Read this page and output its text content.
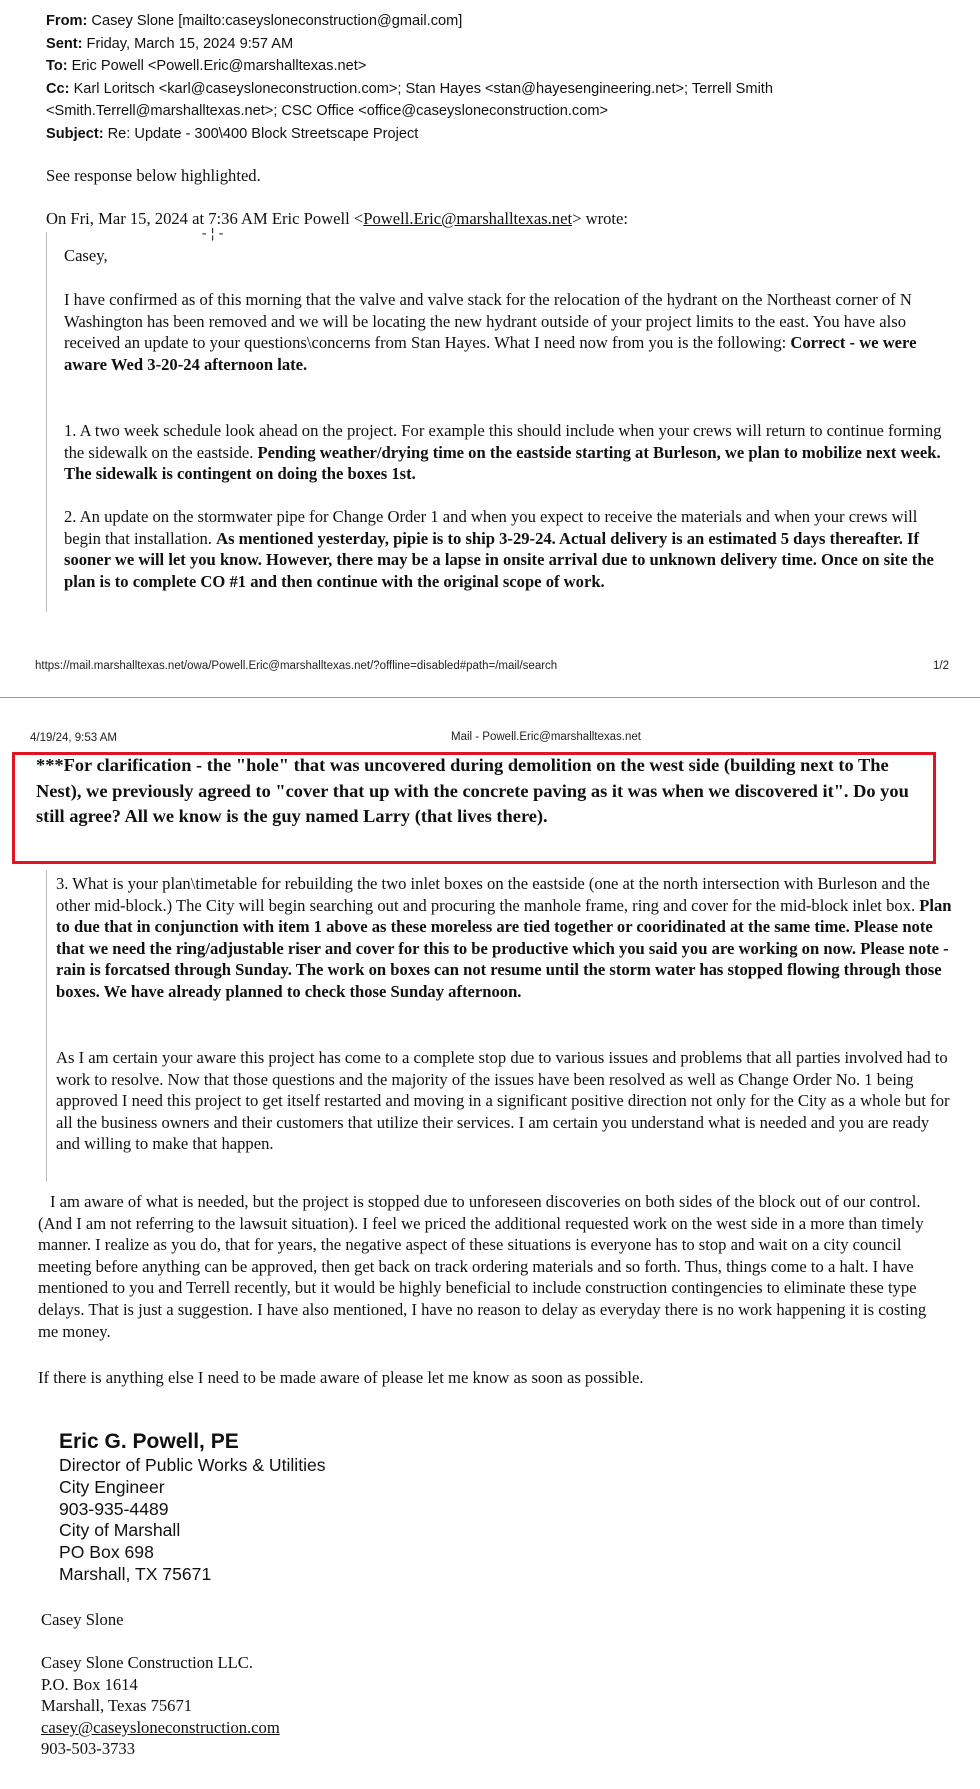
From: Casey Slone [mailto:caseysloneconstruction@gmail.com]
Sent: Friday, March 15, 2024 9:57 AM
To: Eric Powell <Powell.Eric@marshalltexas.net>
Cc: Karl Loritsch <karl@caseysloneconstruction.com>; Stan Hayes <stan@hayesengineering.net>; Terrell Smith
<Smith.Terrell@marshalltexas.net>; CSC Office <office@caseysloneconstruction.com>
Subject: Re: Update - 300\400 Block Streetscape Project
See response below highlighted.
On Fri, Mar 15, 2024 at 7:36 AM Eric Powell <Powell.Eric@marshalltexas.net> wrote:
-¦-
Casey,
I have confirmed as of this morning that the valve and valve stack for the relocation of the hydrant on the Northeast corner of N Washington has been removed and we will be locating the new hydrant outside of your project limits to the east. You have also received an update to your questions\concerns from Stan Hayes. What I need now from you is the following: Correct - we were aware Wed 3-20-24 afternoon late.
1. A two week schedule look ahead on the project. For example this should include when your crews will return to continue forming the sidewalk on the eastside. Pending weather/drying time on the eastside starting at Burleson, we plan to mobilize next week. The sidewalk is contingent on doing the boxes 1st.
2. An update on the stormwater pipe for Change Order 1 and when you expect to receive the materials and when your crews will begin that installation. As mentioned yesterday, pipie is to ship 3-29-24. Actual delivery is an estimated 5 days thereafter. If sooner we will let you know. However, there may be a lapse in onsite arrival due to unknown delivery time. Once on site the plan is to complete CO #1 and then continue with the original scope of work.
https://mail.marshalltexas.net/owa/Powell.Eric@marshalltexas.net/?offline=disabled#path=/mail/search	1/2
4/19/24, 9:53 AM	Mail - Powell.Eric@marshalltexas.net
***For clarification - the "hole" that was uncovered during demolition on the west side (building next to The Nest), we previously agreed to "cover that up with the concrete paving as it was when we discovered it". Do you still agree? All we know is the guy named Larry (that lives there).
3. What is your plan\timetable for rebuilding the two inlet boxes on the eastside (one at the north intersection with Burleson and the other mid-block.) The City will begin searching out and procuring the manhole frame, ring and cover for the mid-block inlet box. Plan to due that in conjunction with item 1 above as these moreless are tied together or cooridinated at the same time. Please note that we need the ring/adjustable riser and cover for this to be productive which you said you are working on now. Please note - rain is forcatsed through Sunday. The work on boxes can not resume until the storm water has stopped flowing through those boxes. We have already planned to check those Sunday afternoon.
As I am certain your aware this project has come to a complete stop due to various issues and problems that all parties involved had to work to resolve. Now that those questions and the majority of the issues have been resolved as well as Change Order No. 1 being approved I need this project to get itself restarted and moving in a significant positive direction not only for the City as a whole but for all the business owners and their customers that utilize their services. I am certain you understand what is needed and you are ready and willing to make that happen.
I am aware of what is needed, but the project is stopped due to unforeseen discoveries on both sides of the block out of our control. (And I am not referring to the lawsuit situation). I feel we priced the additional requested work on the west side in a more than timely manner. I realize as you do, that for years, the negative aspect of these situations is everyone has to stop and wait on a city council meeting before anything can be approved, then get back on track ordering materials and so forth. Thus, things come to a halt. I have mentioned to you and Terrell recently, but it would be highly beneficial to include construction contingencies to eliminate these type delays. That is just a suggestion. I have also mentioned, I have no reason to delay as everyday there is no work happening it is costing me money.
If there is anything else I need to be made aware of please let me know as soon as possible.
Eric G. Powell, PE
Director of Public Works & Utilities
City Engineer
903-935-4489
City of Marshall
PO Box 698
Marshall, TX 75671
Casey Slone
Casey Slone Construction LLC.
P.O. Box 1614
Marshall, Texas 75671
casey@caseysloneconstruction.com
903-503-3733
